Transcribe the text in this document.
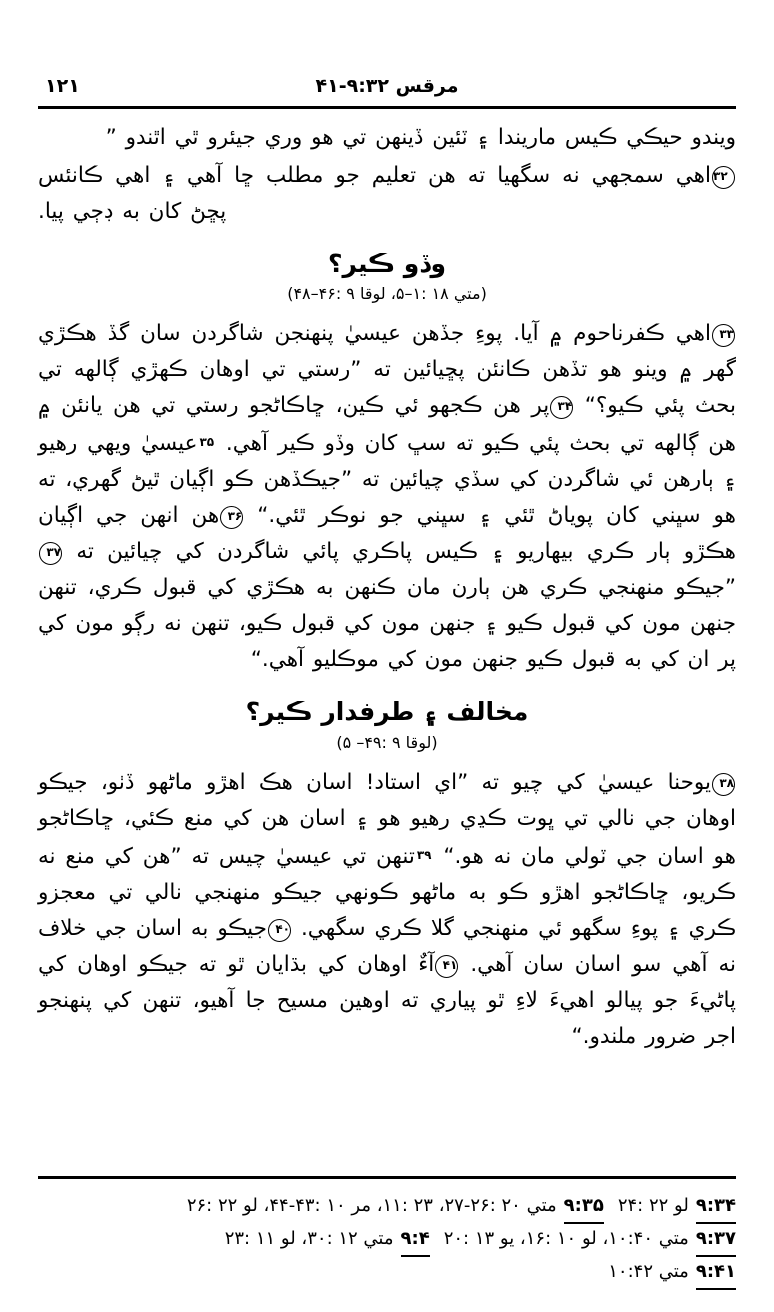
۱۲۱	مرقس ۹:۳۲-۴۱

ويندو حيڪي ڪيس ماريندا ۽ ٽئين ڏينهن تي هو وري جيئرو ٿي اٿندو ”

۳۲اهي سمجهي نه سگهيا ته هن تعليم جو مطلب ڇا آهي ۽ اهي ڪانئس پڇڻ کان به ڊڄي پيا.

وڏو ڪير؟
(متي ۱۸ :۱–۵، لوقا ۹ :۴۶–۴۸)

۳۳اهي ڪفرناحوم ۾ آيا. پوءِ جڏهن عيسيٰ پنهنجن شاگردن سان گڏ هڪڙي گهر ۾ وينو هو تڏهن ڪانئن پڇيائين ته ”رستي تي اوهان ڪهڙي ڳالهه تي بحث پئي ڪيو؟“ ۳۴پر هن ڪجهو ئي ڪين، ڇاڪاڻجو رستي تي هن يانئن ۾ هن ڳالهه تي بحث پئي ڪيو ته سڀ کان وڏو ڪير آهي. ۳۵عيسيٰ ويهي رهيو ۽ ٻارهن ئي شاگردن کي سڏي چيائين ته ”جيڪڏهن ڪو اڳيان ٿيڻ گهري، ته هو سڀني کان پوياڻ ٿئي ۽ سڀني جو نوڪر ٿئي.“ ۳۶هن انهن جي اڳيان هڪڙو ٻار ڪري بيهاريو ۽ ڪيس پاڪري پائي شاگردن کي چيائين ته ۳۷”جيڪو منهنجي ڪري هن ٻارن مان ڪنهن به هڪڙي کي قبول ڪري، تنهن جنهن مون کي قبول ڪيو ۽ جنهن مون کي قبول ڪيو، تنهن نه رڳو مون کي پر ان کي به قبول ڪيو جنهن مون کي موڪليو آهي.“

مخالف ۽ طرفدار ڪير؟
(لوقا ۹ :۴۹– ۵)

۳۸يوحنا عيسيٰ کي چيو ته ”اي استاد! اسان هڪ اهڙو ماڻهو ڏٺو، جيڪو اوهان جي نالي تي ڀوت ڪڍي رهيو هو ۽ اسان هن کي منع ڪئي، ڇاڪاڻجو هو اسان جي ٽولي مان نه هو.“ ۳۹تنهن تي عيسيٰ چيس ته ”هن کي منع نه ڪريو، ڇاڪاڻجو اهڙو ڪو به ماڻهو ڪونهي جيڪو منهنجي نالي تي معجزو ڪري ۽ پوءِ سگهو ئي منهنجي گلا ڪري سگهي. ۴۰جيڪو به اسان جي خلاف نه آهي سو اسان سان آهي. ۴۱آءٌ اوهان کي بڌايان ٿو ته جيڪو اوهان کي پاڻيءَ جو پيالو اهيءَ لاءِ ٿو پياري ته اوهين مسيح جا آهيو، تنهن کي پنهنجو اجر ضرور ملندو.“

۹:۳۴
لو ۲۲ :۲۴
۹:۳۵
متي ۲۰ :۲۶-۲۷، ۲۳ :۱۱، مر ۱۰ :۴۳-۴۴، لو ۲۲ :۲۶
۹:۳۷
متي ۱۰:۴۰، لو ۱۰ :۱۶، يو ۱۳ :۲۰
۹:۴
متي ۱۲ :۳۰، لو ۱۱ :۲۳
۹:۴۱
متي ۱۰:۴۲
